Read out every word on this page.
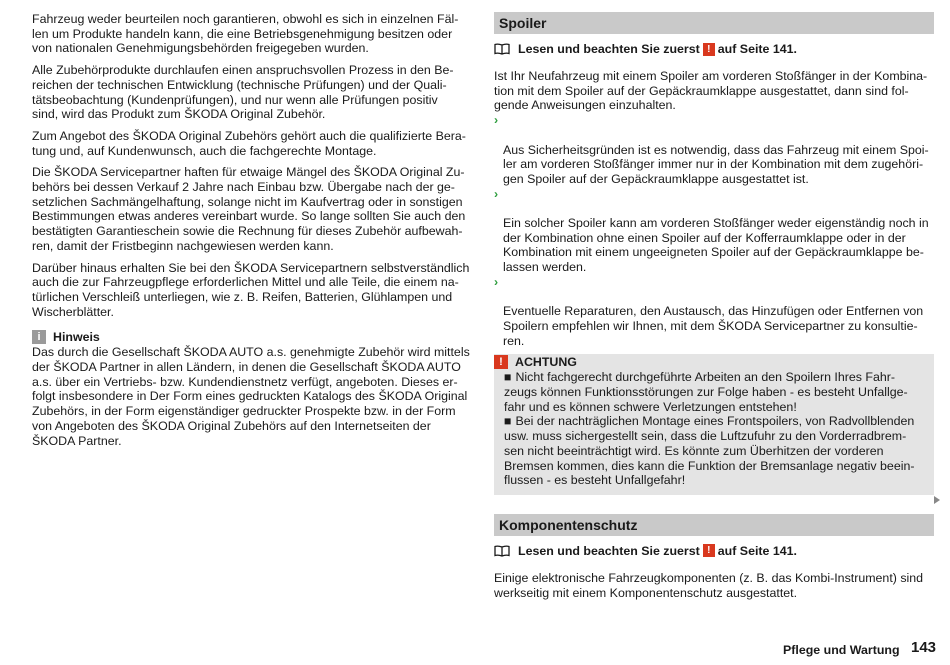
Fahrzeug weder beurteilen noch garantieren, obwohl es sich in einzelnen Fäl-
len um Produkte handeln kann, die eine Betriebsgenehmigung besitzen oder
von nationalen Genehmigungsbehörden freigegeben wurden.

Alle Zubehörprodukte durchlaufen einen anspruchsvollen Prozess in den Be-
reichen der technischen Entwicklung (technische Prüfungen) und der Quali-
tätsbeobachtung (Kundenprüfungen), und nur wenn alle Prüfungen positiv
sind, wird das Produkt zum ŠKODA Original Zubehör.

Zum Angebot des ŠKODA Original Zubehörs gehört auch die qualifizierte Bera-
tung und, auf Kundenwunsch, auch die fachgerechte Montage.

Die ŠKODA Servicepartner haften für etwaige Mängel des ŠKODA Original Zu-
behörs bei dessen Verkauf 2 Jahre nach Einbau bzw. Übergabe nach der ge-
setzlichen Sachmängelhaftung, solange nicht im Kaufvertrag oder in sonstigen
Bestimmungen etwas anderes vereinbart wurde. So lange sollten Sie auch den
bestätigten Garantieschein sowie die Rechnung für dieses Zubehör aufbewah-
ren, damit der Fristbeginn nachgewiesen werden kann.

Darüber hinaus erhalten Sie bei den ŠKODA Servicepartnern selbstverständlich
auch die zur Fahrzeugpflege erforderlichen Mittel und alle Teile, die einem na-
türlichen Verschleiß unterliegen, wie z. B. Reifen, Batterien, Glühlampen und
Wischerblätter.

i	Hinweis
Das durch die Gesellschaft ŠKODA AUTO a.s. genehmigte Zubehör wird mittels
der ŠKODA Partner in allen Ländern, in denen die Gesellschaft ŠKODA AUTO
a.s. über ein Vertriebs- bzw. Kundendienstnetz verfügt, angeboten. Dieses er-
folgt insbesondere in Der Form eines gedruckten Katalogs des ŠKODA Original
Zubehörs, in der Form eigenständiger gedruckter Prospekte bzw. in der Form
von Angeboten des ŠKODA Original Zubehörs auf den Internetseiten der
ŠKODA Partner.
Spoiler
Lesen und beachten Sie zuerst ! auf Seite 141.
Ist Ihr Neufahrzeug mit einem Spoiler am vorderen Stoßfänger in der Kombina-
tion mit dem Spoiler auf der Gepäckraumklappe ausgestattet, dann sind fol-
gende Anweisungen einzuhalten.

›

Aus Sicherheitsgründen ist es notwendig, dass das Fahrzeug mit einem Spoi-
ler am vorderen Stoßfänger immer nur in der Kombination mit dem zugehöri-
gen Spoiler auf der Gepäckraumklappe ausgestattet ist.

›

Ein solcher Spoiler kann am vorderen Stoßfänger weder eigenständig noch in
der Kombination ohne einen Spoiler auf der Kofferraumklappe oder in der
Kombination mit einem ungeeigneten Spoiler auf der Gepäckraumklappe be-
lassen werden.

›

Eventuelle Reparaturen, den Austausch, das Hinzufügen oder Entfernen von
Spoilern empfehlen wir Ihnen, mit dem ŠKODA Servicepartner zu konsultie-
ren.

! ACHTUNG
■ Nicht fachgerecht durchgeführte Arbeiten an den Spoilern Ihres Fahr-
zeugs können Funktionsstörungen zur Folge haben - es besteht Unfallge-
fahr und es können schwere Verletzungen entstehen!
■ Bei der nachträglichen Montage eines Frontspoilers, von Radvollblenden
usw. muss sichergestellt sein, dass die Luftzufuhr zu den Vorderradbrem-
sen nicht beeinträchtigt wird. Es könnte zum Überhitzen der vorderen
Bremsen kommen, dies kann die Funktion der Bremsanlage negativ beein-
flussen - es besteht Unfallgefahr!
Komponentenschutz
Lesen und beachten Sie zuerst ! auf Seite 141.
Einige elektronische Fahrzeugkomponenten (z. B. das Kombi-Instrument) sind
werkseitig mit einem Komponentenschutz ausgestattet.
Pflege und Wartung 143
